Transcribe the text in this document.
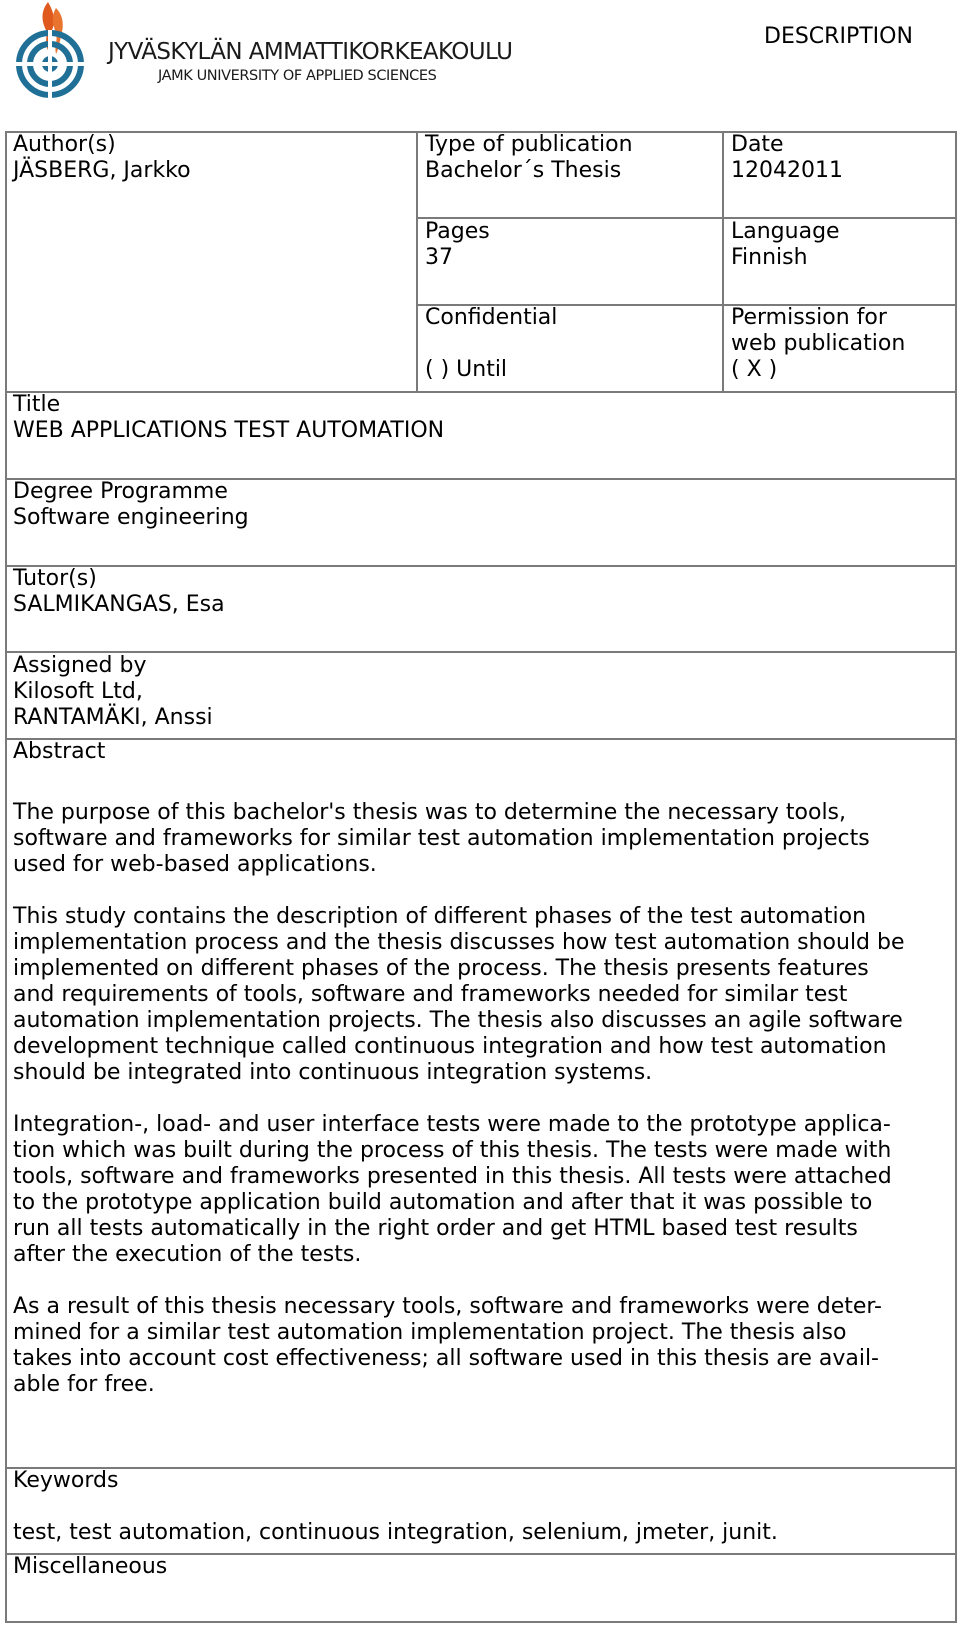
JYVÄSKYLÄN AMMATTIKORKEAKOULU
JAMK UNIVERSITY OF APPLIED SCIENCES
DESCRIPTION
Author(s)
JÄSBERG, Jarkko
Type of publication
Bachelor´s Thesis
Date
12042011
Pages
37
Language
Finnish
Confidential
( ) Until
Permission for
web publication
( X )
Title
WEB APPLICATIONS TEST AUTOMATION
Degree Programme
Software engineering
Tutor(s)
SALMIKANGAS, Esa
Assigned by
Kilosoft Ltd,
RANTAMÄKI, Anssi
Abstract

The purpose of this bachelor's thesis was to determine the necessary tools,
software and frameworks for similar test automation implementation projects
used for web-based applications.

This study contains the description of different phases of the test automation
implementation process and the thesis discusses how test automation should be
implemented on different phases of the process. The thesis presents features
and requirements of tools, software and frameworks needed for similar test
automation implementation projects. The thesis also discusses an agile software
development technique called continuous integration and how test automation
should be integrated into continuous integration systems.

Integration-, load- and user interface tests were made to the prototype applica-
tion which was built during the process of this thesis. The tests were made with
tools, software and frameworks presented in this thesis. All tests were attached
to the prototype application build automation and after that it was possible to
run all tests automatically in the right order and get HTML based test results
after the execution of the tests.

As a result of this thesis necessary tools, software and frameworks were deter-
mined for a similar test automation implementation project. The thesis also
takes into account cost effectiveness; all software used in this thesis are avail-
able for free.

Keywords
test, test automation, continuous integration, selenium, jmeter, junit.
Miscellaneous
